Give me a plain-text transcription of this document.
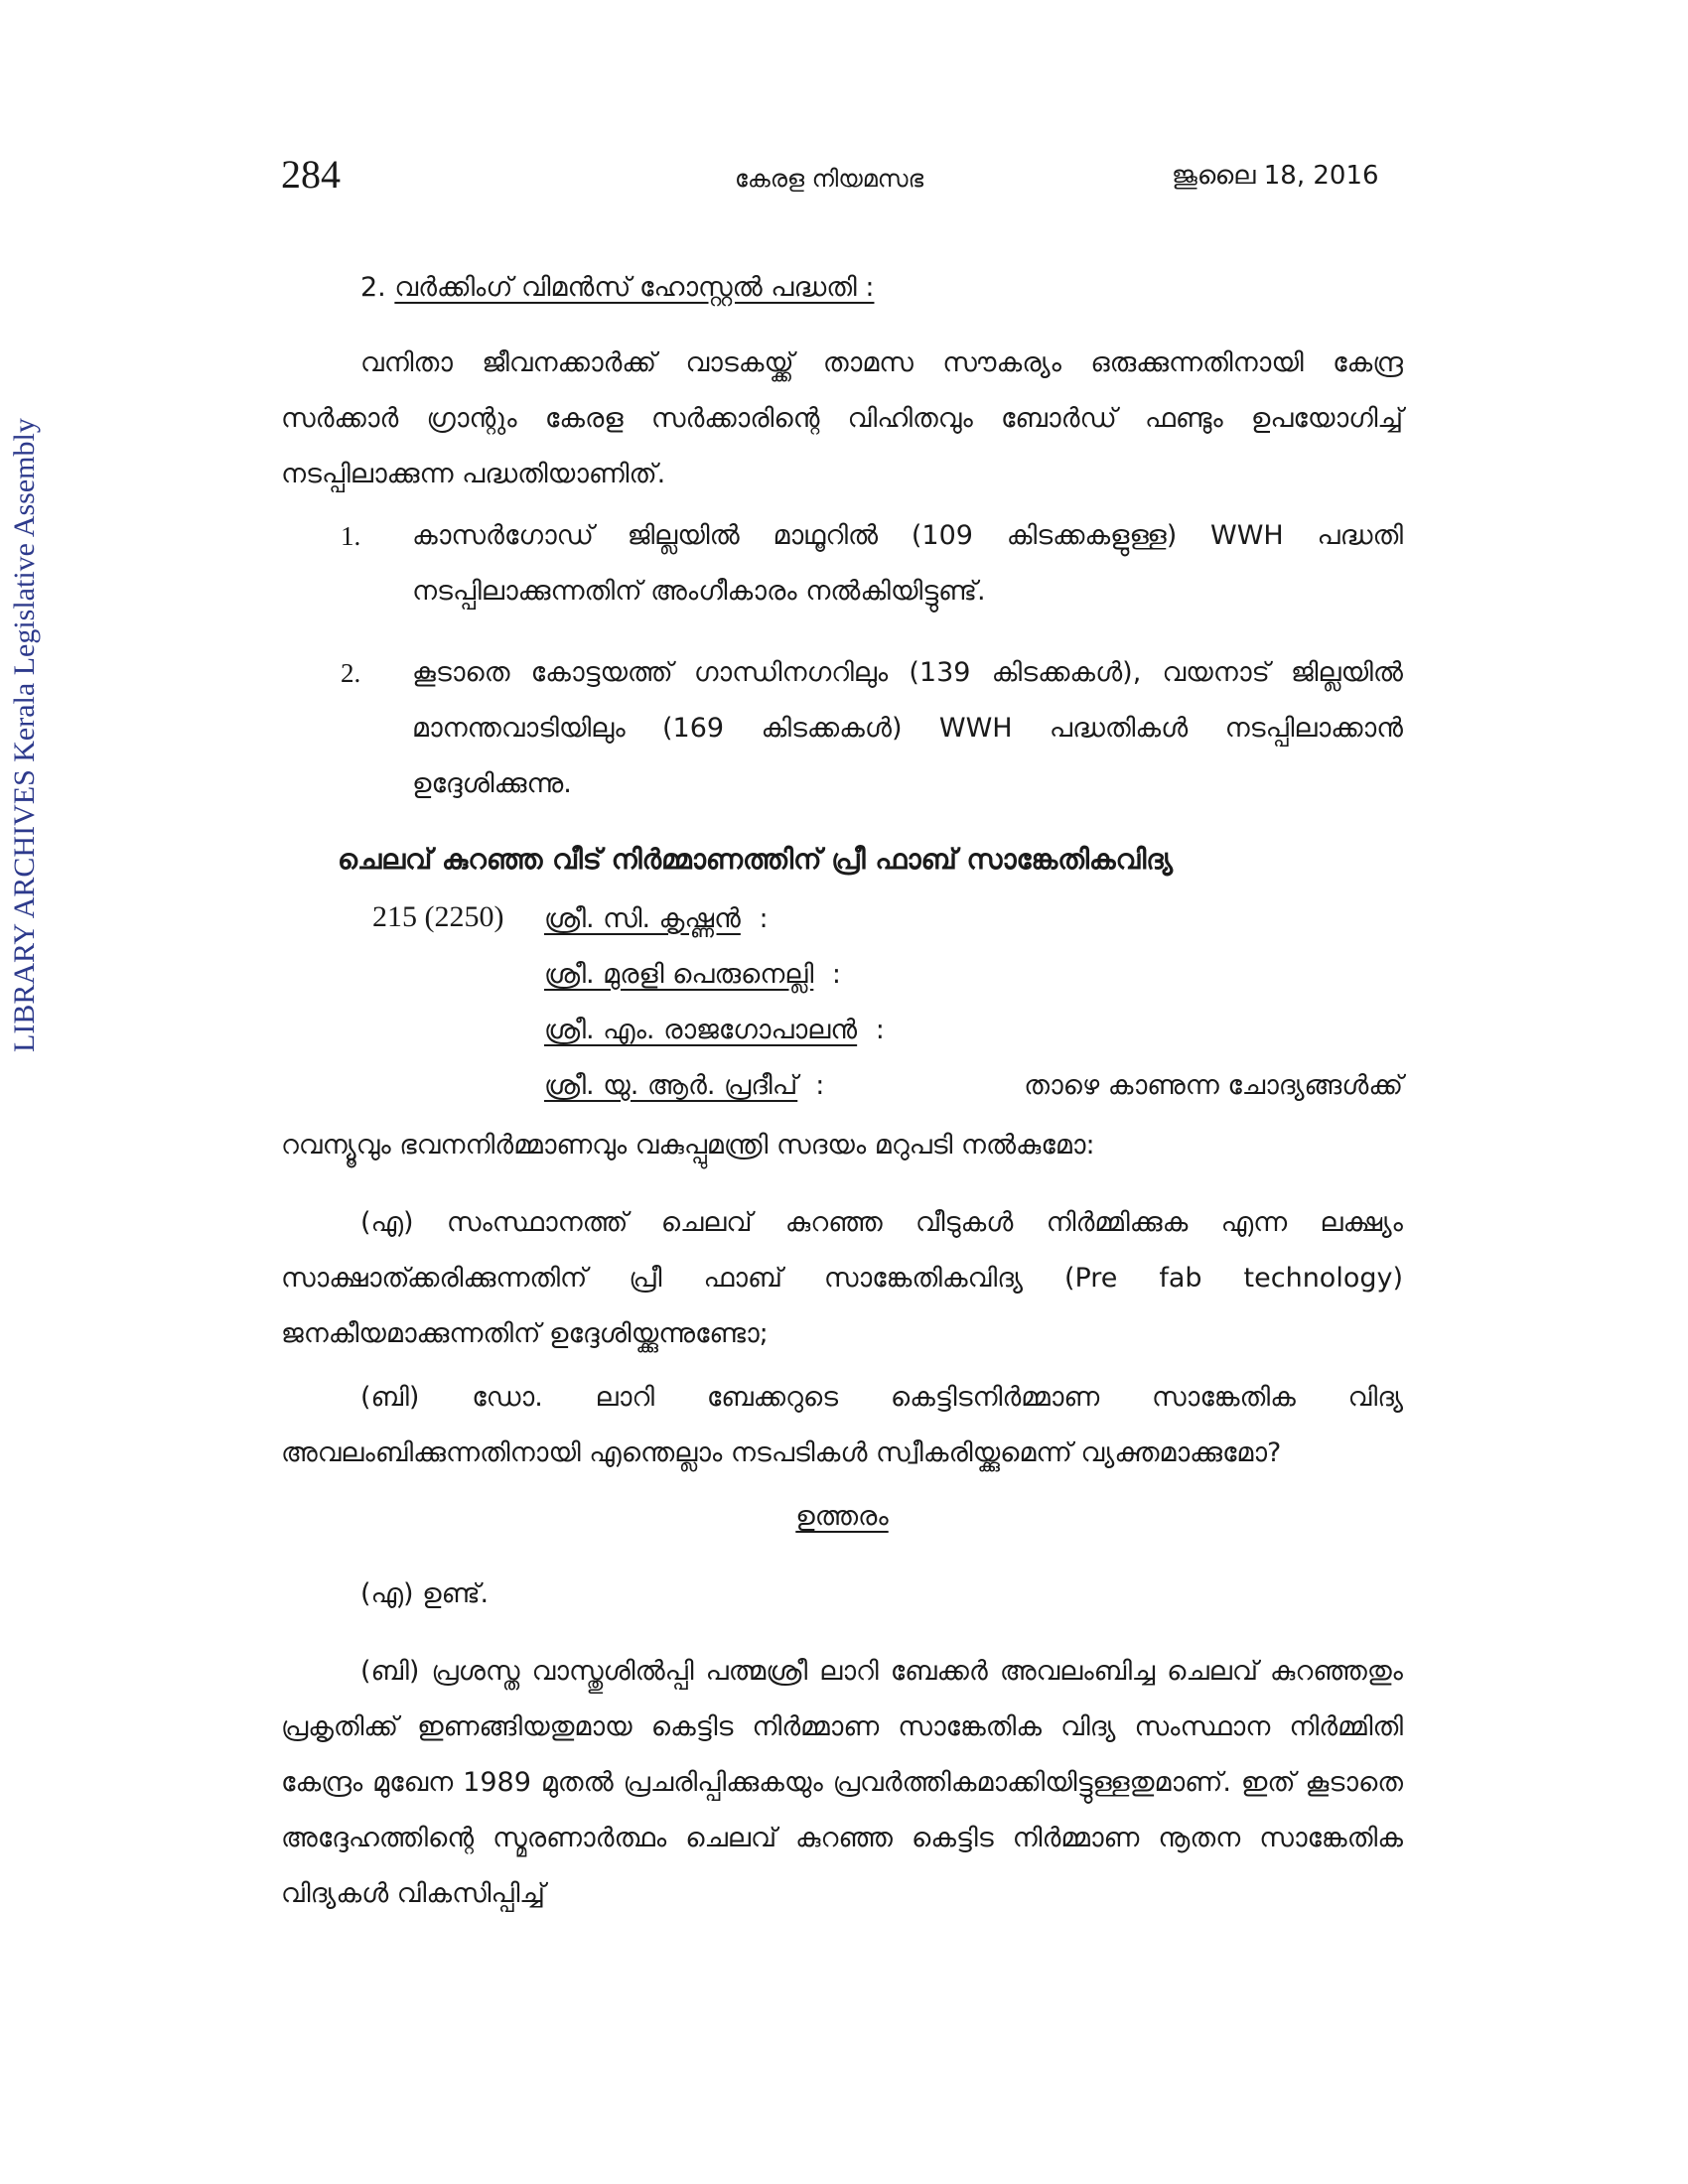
LIBRARY ARCHIVES Kerala Legislative Assembly
284	കേരള നിയമസഭ	ജൂലൈ 18, 2016
2. വർക്കിംഗ് വിമൻസ് ഹോസ്റ്റൽ പദ്ധതി :
വനിതാ ജീവനക്കാർക്ക് വാടകയ്ക്ക് താമസ സൗകര്യം ഒരുക്കുന്നതിനായി കേന്ദ്ര സർക്കാർ ഗ്രാന്റും കേരള സർക്കാരിന്റെ വിഹിതവും ബോർഡ് ഫണ്ടും ഉപയോഗിച്ച് നടപ്പിലാക്കുന്ന പദ്ധതിയാണിത്.
1. കാസർഗോഡ് ജില്ലയിൽ മാഥൂറിൽ (109 കിടക്കകളുള്ള) WWH പദ്ധതി നടപ്പിലാക്കുന്നതിന് അംഗീകാരം നൽകിയിട്ടുണ്ട്.
2. കൂടാതെ കോട്ടയത്ത് ഗാന്ധിനഗറിലും (139 കിടക്കകൾ), വയനാട് ജില്ലയിൽ മാനന്തവാടിയിലും (169 കിടക്കകൾ) WWH പദ്ധതികൾ നടപ്പിലാക്കാൻ ഉദ്ദേശിക്കുന്നു.
ചെലവ് കുറഞ്ഞ വീട് നിർമ്മാണത്തിന് പ്രീ ഫാബ് സാങ്കേതികവിദ്യ
215 (2250) ശ്രീ. സി. കൃഷ്ണൻ :
ശ്രീ. മുരളി പെരുനെല്ലി :
ശ്രീ. എം. രാജഗോപാലൻ :
ശ്രീ. യു. ആർ. പ്രദീപ് :	താഴെ കാണുന്ന ചോദ്യങ്ങൾക്ക്
റവന്യൂവും ഭവനനിർമ്മാണവും വകുപ്പുമന്ത്രി സദയം മറുപടി നൽകുമോ:
(എ) സംസ്ഥാനത്ത് ചെലവ് കുറഞ്ഞ വീടുകൾ നിർമ്മിക്കുക എന്ന ലക്ഷ്യം സാക്ഷാത്ക്കരിക്കുന്നതിന് പ്രീ ഫാബ് സാങ്കേതികവിദ്യ (Pre fab technology) ജനകീയമാക്കുന്നതിന് ഉദ്ദേശിയ്ക്കുന്നുണ്ടോ;
(ബി) ഡോ. ലാറി ബേക്കറുടെ കെട്ടിടനിർമ്മാണ സാങ്കേതിക വിദ്യ അവലംബിക്കുന്നതിനായി എന്തെല്ലാം നടപടികൾ സ്വീകരിയ്ക്കുമെന്ന് വ്യക്തമാക്കുമോ?
ഉത്തരം
(എ) ഉണ്ട്.
(ബി) പ്രശസ്ത വാസ്തുശിൽപ്പി പത്മശ്രീ ലാറി ബേക്കർ അവലംബിച്ച ചെലവ് കുറഞ്ഞതും പ്രകൃതിക്ക് ഇണങ്ങിയതുമായ കെട്ടിട നിർമ്മാണ സാങ്കേതിക വിദ്യ സംസ്ഥാന നിർമ്മിതി കേന്ദ്രം മുഖേന 1989 മുതൽ പ്രചരിപ്പിക്കുകയും പ്രവർത്തികമാക്കിയിട്ടുള്ളതുമാണ്. ഇത് കൂടാതെ അദ്ദേഹത്തിന്റെ സ്മരണാർത്ഥം ചെലവ് കുറഞ്ഞ കെട്ടിട നിർമ്മാണ നൂതന സാങ്കേതിക വിദ്യകൾ വികസിപ്പിച്ച്
